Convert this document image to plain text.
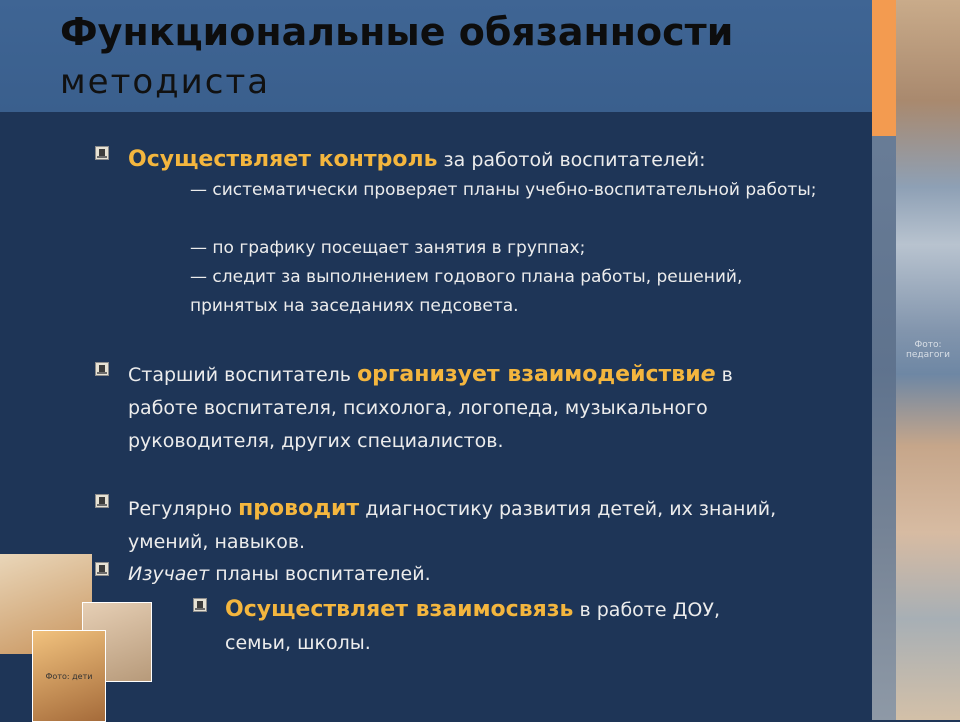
Функциональные обязанности
методиста
Фото: педагоги
Осуществляет контроль за работой воспитателей:
— систематически проверяет планы учебно-воспитательной работы;
— по графику посещает занятия в группах;
— следит за выполнением годового плана работы, решений, принятых на заседаниях педсовета.
Старший воспитатель организует взаимодействие в работе воспитателя, психолога, логопеда, музыкального руководителя, других специалистов.
Регулярно проводит диагностику развития детей, их знаний, умений, навыков.
Изучает планы воспитателей.
Осуществляет взаимосвязь в работе ДОУ, семьи, школы.
Фото: дети
